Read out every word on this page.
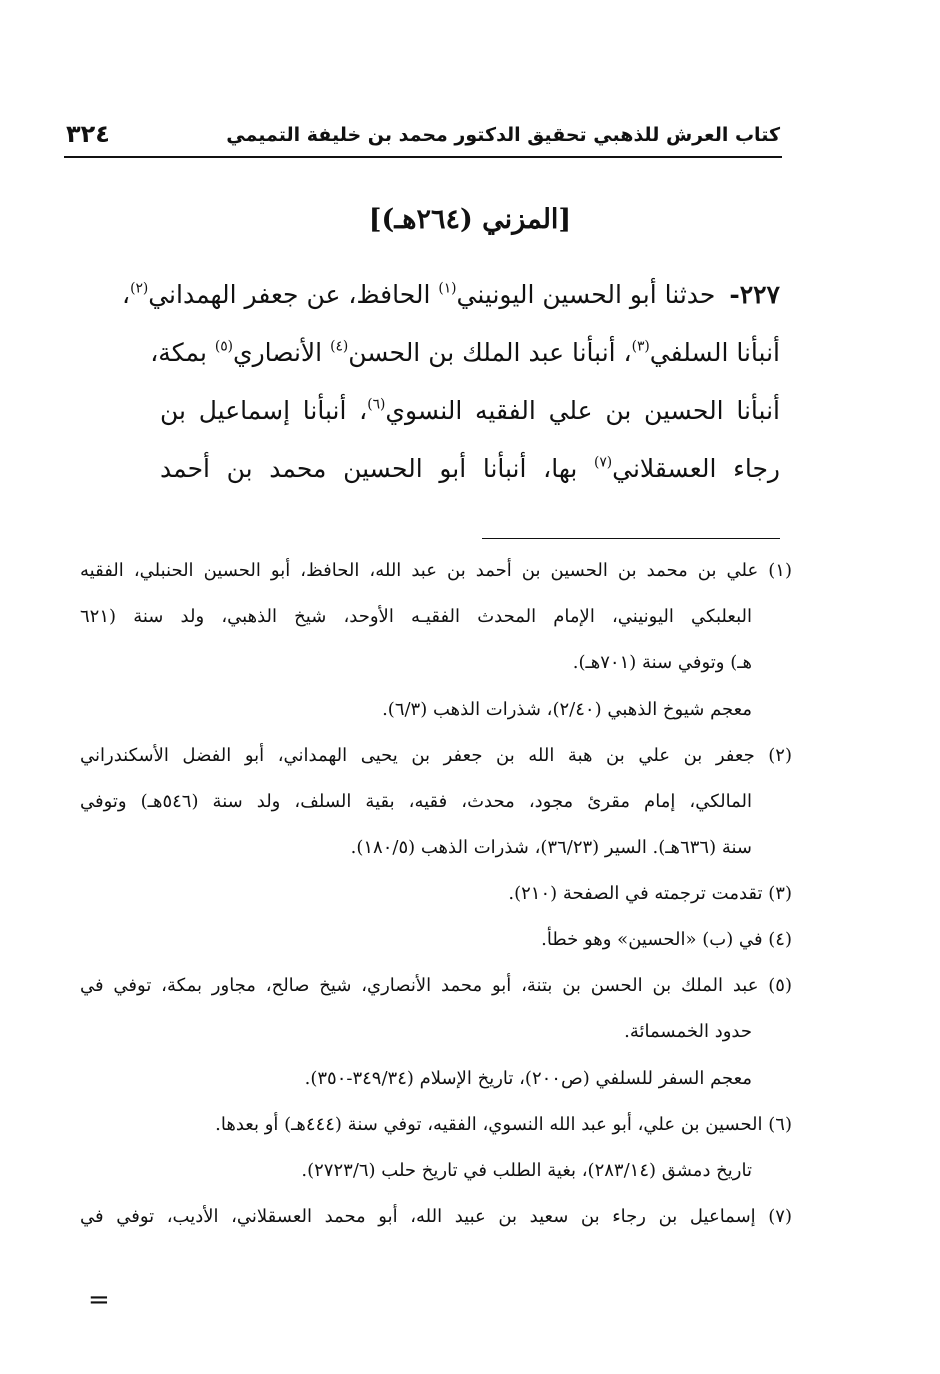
كتاب العرش للذهبي تحقيق الدكتور محمد بن خليفة التميمي
٣٢٤
[المزني (٢٦٤هـ)]
٢٢٧- حدثنا أبو الحسين اليونيني$^{(١)}$ الحافظ، عن جعفر الهمداني$^{(٢)}$،
أنبأنا السلفي$^{(٣)}$، أنبأنا عبد الملك بن الحسن$^{(٤)}$ الأنصاري$^{(٥)}$ بمكة،
أنبأنا الحسين بن علي الفقيه النسوي$^{(٦)}$، أنبأنا إسماعيل بن
رجاء العسقلاني$^{(٧)}$ بها، أنبأنا أبو الحسين محمد بن أحمد
(١) علي بن محمد بن الحسين بن أحمد بن عبد الله، الحافظ، أبو الحسين الحنبلي، الفقيه
البعلبكي اليونيني، الإمام المحدث الفقيـه الأوحد، شيخ الذهبي، ولد سنة (٦٢١
هـ) وتوفي سنة (٧٠١هـ).
معجم شيوخ الذهبي (٢/٤٠)، شذرات الذهب (٦/٣).
(٢) جعفر بن علي بن هبة الله بن جعفر بن يحيى الهمداني، أبو الفضل الأسكندراني
المالكي، إمام مقرئ مجود، محدث، فقيه، بقية السلف، ولد سنة (٥٤٦هـ) وتوفي
سنة (٦٣٦هـ). السير (٣٦/٢٣)، شذرات الذهب (١٨٠/٥).
(٣) تقدمت ترجمته في الصفحة (٢١٠).
(٤) في (ب) «الحسين» وهو خطأ.
(٥) عبد الملك بن الحسن بن بتنة، أبو محمد الأنصاري، شيخ صالح، مجاور بمكة، توفي في
حدود الخمسمائة.
معجم السفر للسلفي (ص٢٠٠)، تاريخ الإسلام (٣٤٩/٣٤-٣٥٠).
(٦) الحسين بن علي، أبو عبد الله النسوي، الفقيه، توفي سنة (٤٤٤هـ) أو بعدها.
تاريخ دمشق (٢٨٣/١٤)، بغية الطلب في تاريخ حلب (٢٧٢٣/٦).
(٧) إسماعيل بن رجاء بن سعيد بن عبيد الله، أبو محمد العسقلاني، الأديب، توفي في
=
